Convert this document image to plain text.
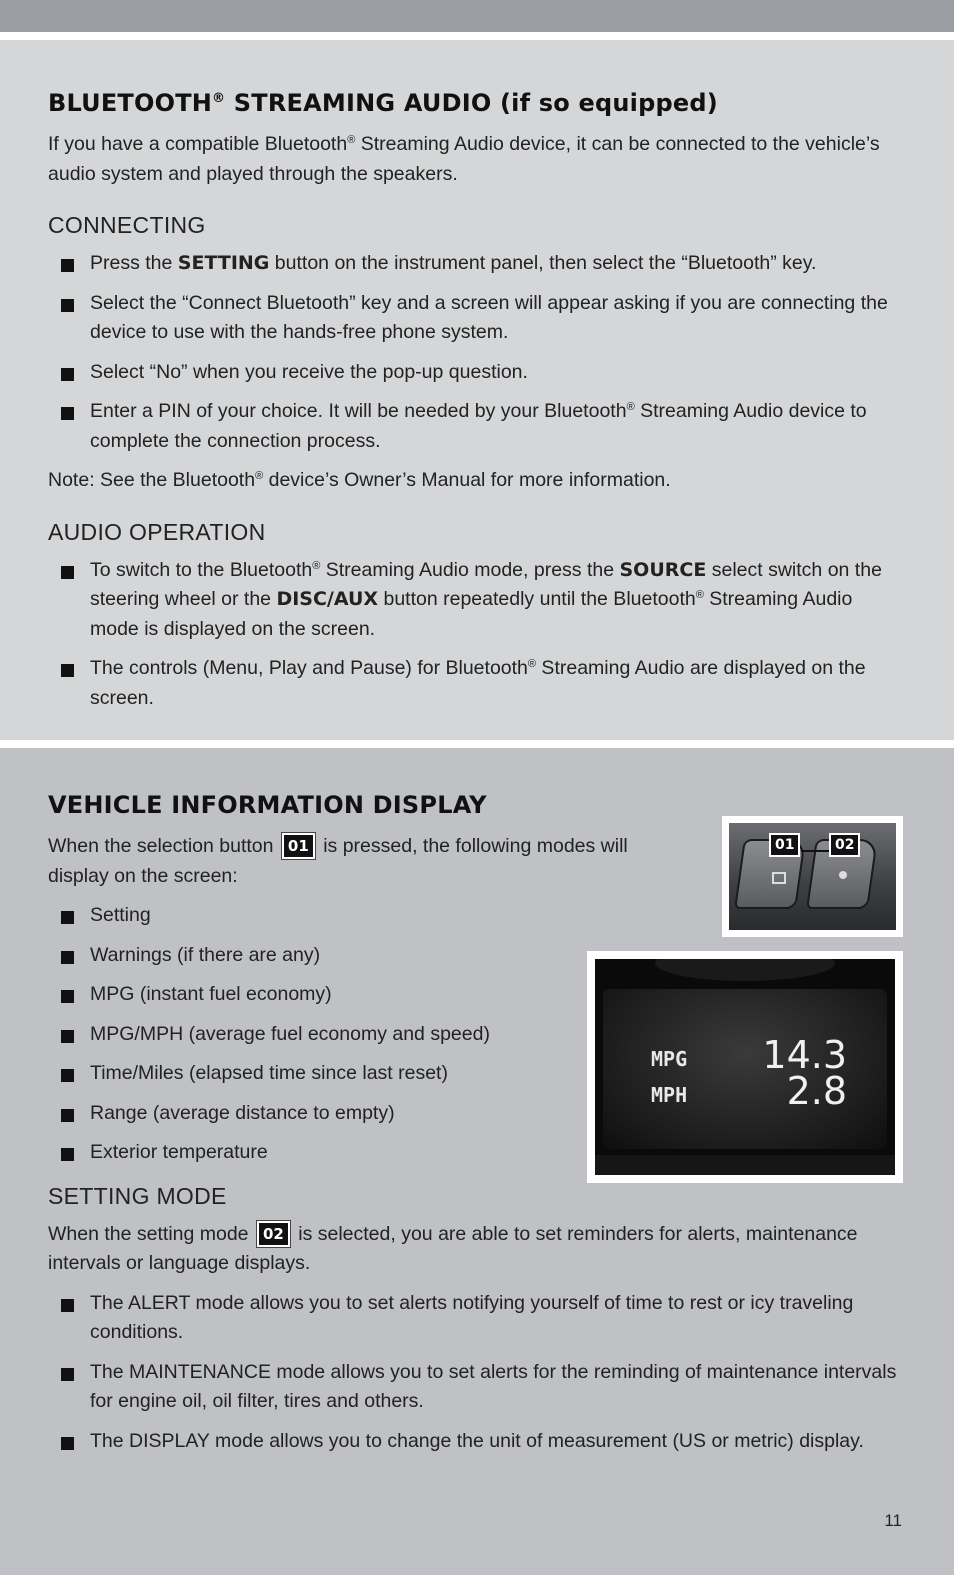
BLUETOOTH® STREAMING AUDIO (if so equipped)

If you have a compatible Bluetooth® Streaming Audio device, it can be connected to the vehicle’s audio system and played through the speakers.

CONNECTING
Press the SETTING button on the instrument panel, then select the “Bluetooth” key.
Select the “Connect Bluetooth” key and a screen will appear asking if you are connecting the device to use with the hands-free phone system.
Select “No” when you receive the pop-up question.
Enter a PIN of your choice. It will be needed by your Bluetooth® Streaming Audio device to complete the connection process.

Note: See the Bluetooth® device’s Owner’s Manual for more information.

AUDIO OPERATION
To switch to the Bluetooth® Streaming Audio mode, press the SOURCE select switch on the steering wheel or the DISC/AUX button repeatedly until the Bluetooth® Streaming Audio mode is displayed on the screen.
The controls (Menu, Play and Pause) for Bluetooth® Streaming Audio are displayed on the screen.
VEHICLE INFORMATION DISPLAY

When the selection button 01 is pressed, the following modes will display on the screen:

Setting
Warnings (if there are any)
MPG (instant fuel economy)
MPG/MPH (average fuel economy and speed)
Time/Miles (elapsed time since last reset)
Range (average distance to empty)
Exterior temperature
SETTING MODE

When the setting mode 02 is selected, you are able to set reminders for alerts, maintenance intervals or language displays.

The ALERT mode allows you to set alerts notifying yourself of time to rest or icy traveling conditions.
The MAINTENANCE mode allows you to set alerts for the reminding of maintenance intervals for engine oil, oil filter, tires and others.
The DISPLAY mode allows you to change the unit of measurement (US or metric) display.
01	02
MPG	14.3
MPH	2.8
11
